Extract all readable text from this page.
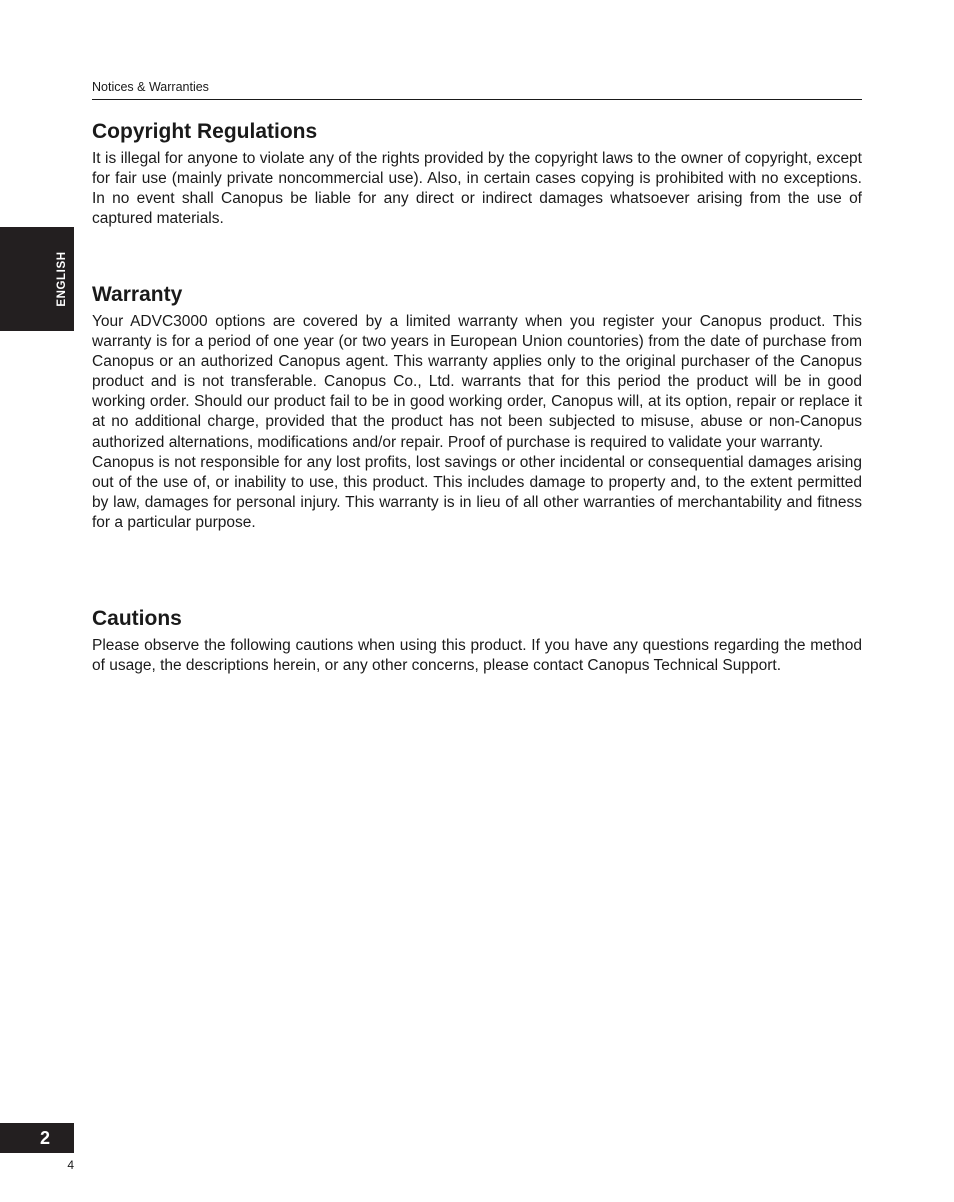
Notices & Warranties
ENGLISH
Copyright Regulations

It is illegal for anyone to violate any of the rights provided by the copyright laws to the owner of copyright, except for fair use (mainly private noncommercial use). Also, in certain cases copying is prohibited with no exceptions. In no event shall Canopus be liable for any direct or indirect damages whatsoever arising from the use of captured materials.

Warranty

Your ADVC3000 options are covered by a limited warranty when you register your Canopus product. This warranty is for a period of one year (or two years in European Union countories) from the date of purchase from Canopus or an authorized Canopus agent. This warranty applies only to the original purchaser of the Canopus product and is not transferable. Canopus Co., Ltd. warrants that for this period the product will be in good working order. Should our product fail to be in good working order, Canopus will, at its option, repair or replace it at no additional charge, provided that the product has not been subjected to misuse, abuse or non-Canopus authorized alternations, modifications and/or repair. Proof of purchase is required to validate your warranty.

Canopus is not responsible for any lost profits, lost savings or other incidental or consequential damages arising out of the use of, or inability to use, this product. This includes damage to property and, to the extent permitted by law, damages for personal injury. This warranty is in lieu of all other warranties of merchantability and fitness for a particular purpose.

Cautions

Please observe the following cautions when using this product. If you have any questions regarding the method of usage, the descriptions herein, or any other concerns, please contact Canopus Technical Support.

2
4
